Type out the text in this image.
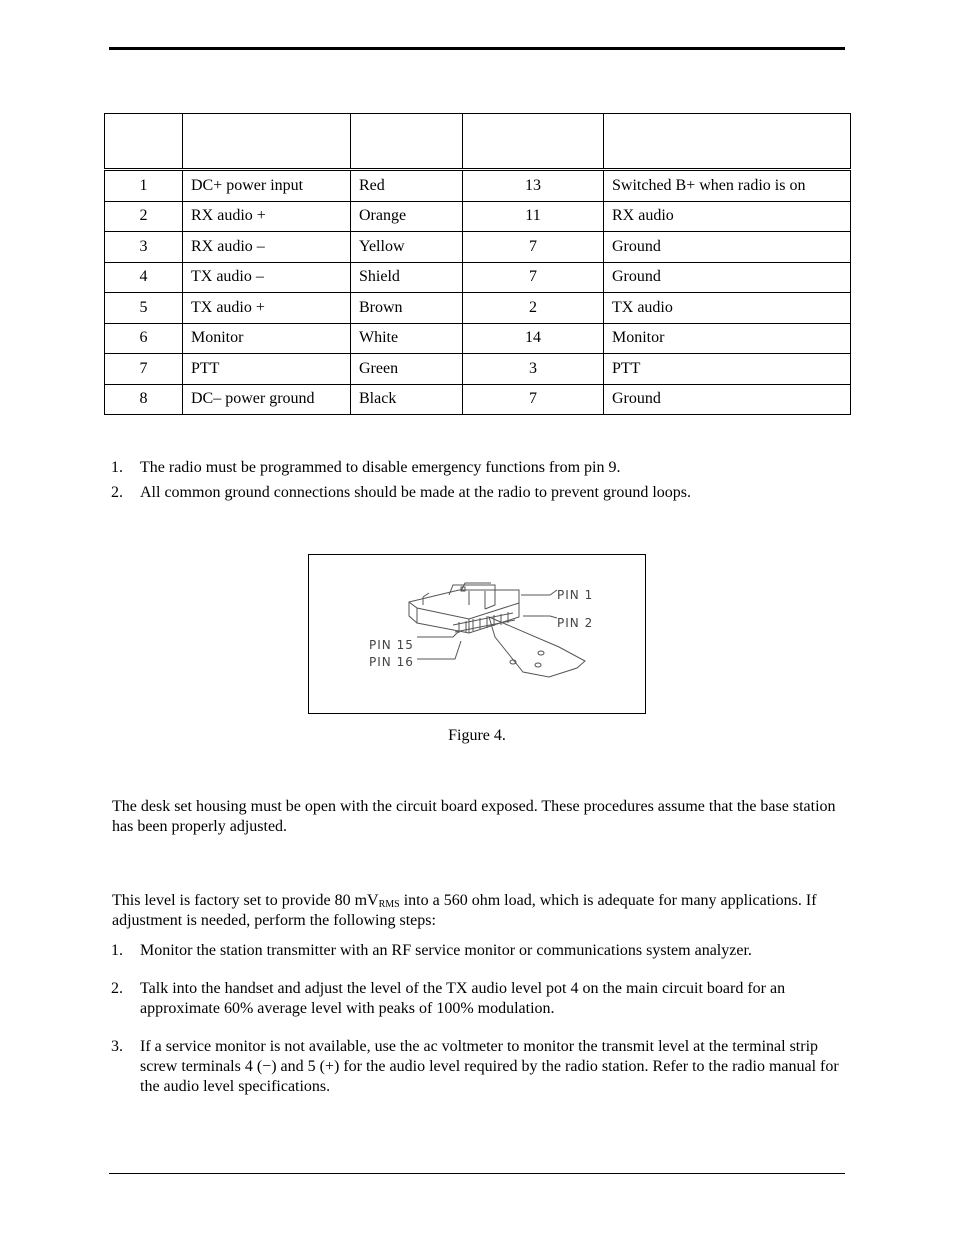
1	DC+ power input	Red	13	Switched B+ when radio is on
2	RX audio +	Orange	11	RX audio
3	RX audio –	Yellow	7	Ground
4	TX audio –	Shield	7	Ground
5	TX audio +	Brown	2	TX audio
6	Monitor	White	14	Monitor
7	PTT	Green	3	PTT
8	DC– power ground	Black	7	Ground
1.	The radio must be programmed to disable emergency functions from pin 9.
2.	All common ground connections should be made at the radio to prevent ground loops.
PIN 1
PIN 2
PIN 15
PIN 16
Figure 4.

The desk set housing must be open with the circuit board exposed. These procedures assume that the base station has been properly adjusted.

This level is factory set to provide 80 $mV_{RMS}$ into a 560 ohm load, which is adequate for many applications. If adjustment is needed, perform the following steps:

1.	Monitor the station transmitter with an RF service monitor or communications system analyzer.
2.	Talk into the handset and adjust the level of the TX audio level pot 4 on the main circuit board for an approximate 60% average level with peaks of 100% modulation.
3.	If a service monitor is not available, use the ac voltmeter to monitor the transmit level at the terminal strip screw terminals 4 (−) and 5 (+) for the audio level required by the radio station. Refer to the radio manual for the audio level specifications.
